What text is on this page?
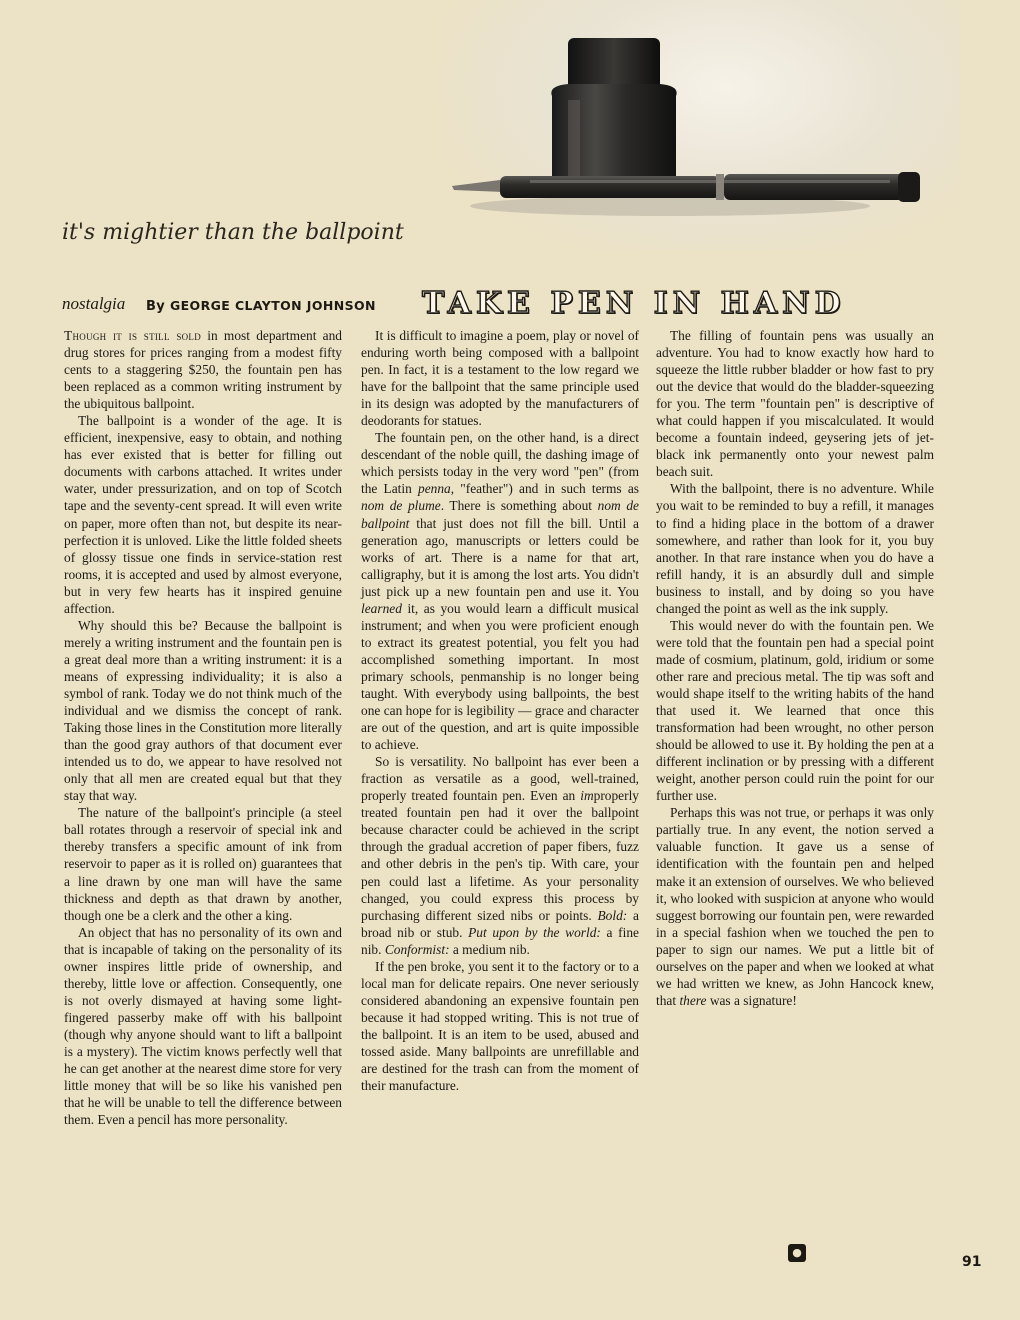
it's mightier than the ballpoint
nostalgia By GEORGE CLAYTON JOHNSON TAKE PEN IN HAND

Though it is still sold in most department and drug stores for prices ranging from a modest fifty cents to a staggering $250, the fountain pen has been replaced as a common writing instrument by the ubiquitous ballpoint.

The ballpoint is a wonder of the age. It is efficient, inexpensive, easy to obtain, and nothing has ever existed that is better for filling out documents with carbons attached. It writes under water, under pressurization, and on top of Scotch tape and the seventy-cent spread. It will even write on paper, more often than not, but despite its near-perfection it is unloved. Like the little folded sheets of glossy tissue one finds in service-station rest rooms, it is accepted and used by almost everyone, but in very few hearts has it inspired genuine affection.

Why should this be? Because the ballpoint is merely a writing instrument and the fountain pen is a great deal more than a writing instrument: it is a means of expressing individuality; it is also a symbol of rank. Today we do not think much of the individual and we dismiss the concept of rank. Taking those lines in the Constitution more literally than the good gray authors of that document ever intended us to do, we appear to have resolved not only that all men are created equal but that they stay that way.

The nature of the ballpoint's principle (a steel ball rotates through a reservoir of special ink and thereby transfers a specific amount of ink from reservoir to paper as it is rolled on) guarantees that a line drawn by one man will have the same thickness and depth as that drawn by another, though one be a clerk and the other a king.

An object that has no personality of its own and that is incapable of taking on the personality of its owner inspires little pride of ownership, and thereby, little love or affection. Consequently, one is not overly dismayed at having some light-fingered passerby make off with his ballpoint (though why anyone should want to lift a ballpoint is a mystery). The victim knows perfectly well that he can get another at the nearest dime store for very little money that will be so like his vanished pen that he will be unable to tell the difference between them. Even a pencil has more personality.

It is difficult to imagine a poem, play or novel of enduring worth being composed with a ballpoint pen. In fact, it is a testament to the low regard we have for the ballpoint that the same principle used in its design was adopted by the manufacturers of deodorants for statues.

The fountain pen, on the other hand, is a direct descendant of the noble quill, the dashing image of which persists today in the very word "pen" (from the Latin penna, "feather") and in such terms as nom de plume. There is something about nom de ballpoint that just does not fill the bill. Until a generation ago, manuscripts or letters could be works of art. There is a name for that art, calligraphy, but it is among the lost arts. You didn't just pick up a new fountain pen and use it. You learned it, as you would learn a difficult musical instrument; and when you were proficient enough to extract its greatest potential, you felt you had accomplished something important. In most primary schools, penmanship is no longer being taught. With everybody using ballpoints, the best one can hope for is legibility — grace and character are out of the question, and art is quite impossible to achieve.

So is versatility. No ballpoint has ever been a fraction as versatile as a good, well-trained, properly treated fountain pen. Even an improperly treated fountain pen had it over the ballpoint because character could be achieved in the script through the gradual accretion of paper fibers, fuzz and other debris in the pen's tip. With care, your pen could last a lifetime. As your personality changed, you could express this process by purchasing different sized nibs or points. Bold: a broad nib or stub. Put upon by the world: a fine nib. Conformist: a medium nib.

If the pen broke, you sent it to the factory or to a local man for delicate repairs. One never seriously considered abandoning an expensive fountain pen because it had stopped writing. This is not true of the ballpoint. It is an item to be used, abused and tossed aside. Many ballpoints are unrefillable and are destined for the trash can from the moment of their manufacture.

The filling of fountain pens was usually an adventure. You had to know exactly how hard to squeeze the little rubber bladder or how fast to pry out the device that would do the bladder-squeezing for you. The term "fountain pen" is descriptive of what could happen if you miscalculated. It would become a fountain indeed, geysering jets of jet-black ink permanently onto your newest palm beach suit.

With the ballpoint, there is no adventure. While you wait to be reminded to buy a refill, it manages to find a hiding place in the bottom of a drawer somewhere, and rather than look for it, you buy another. In that rare instance when you do have a refill handy, it is an absurdly dull and simple business to install, and by doing so you have changed the point as well as the ink supply.

This would never do with the fountain pen. We were told that the fountain pen had a special point made of cosmium, platinum, gold, iridium or some other rare and precious metal. The tip was soft and would shape itself to the writing habits of the hand that used it. We learned that once this transformation had been wrought, no other person should be allowed to use it. By holding the pen at a different inclination or by pressing with a different weight, another person could ruin the point for our further use.

Perhaps this was not true, or perhaps it was only partially true. In any event, the notion served a valuable function. It gave us a sense of identification with the fountain pen and helped make it an extension of ourselves. We who believed it, who looked with suspicion at anyone who would suggest borrowing our fountain pen, were rewarded in a special fashion when we touched the pen to paper to sign our names. We put a little bit of ourselves on the paper and when we looked at what we had written we knew, as John Hancock knew, that there was a signature!

●
91
